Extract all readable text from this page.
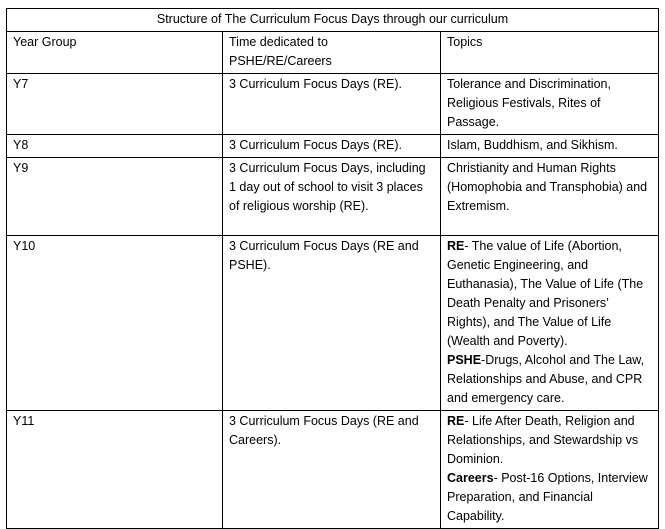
Structure of The Curriculum Focus Days through our curriculum		
Year Group	Time dedicated to PSHE/RE/Careers	Topics
Y7	3 Curriculum Focus Days (RE).	Tolerance and Discrimination, Religious Festivals, Rites of Passage.
Y8	3 Curriculum Focus Days (RE).	Islam, Buddhism, and Sikhism.
Y9	3 Curriculum Focus Days, including 1 day out of school to visit 3 places of religious worship (RE).	Christianity and Human Rights (Homophobia and Transphobia) and Extremism.
Y10	3 Curriculum Focus Days (RE and PSHE).	RE- The value of Life (Abortion, Genetic Engineering, and Euthanasia), The Value of Life (The Death Penalty and Prisoners’ Rights), and The Value of Life (Wealth and Poverty).
PSHE-Drugs, Alcohol and The Law, Relationships and Abuse, and CPR and emergency care.

Y11	3 Curriculum Focus Days (RE and Careers).	RE- Life After Death, Religion and Relationships, and Stewardship vs Dominion.
Careers- Post-16 Options, Interview Preparation, and Financial Capability.
